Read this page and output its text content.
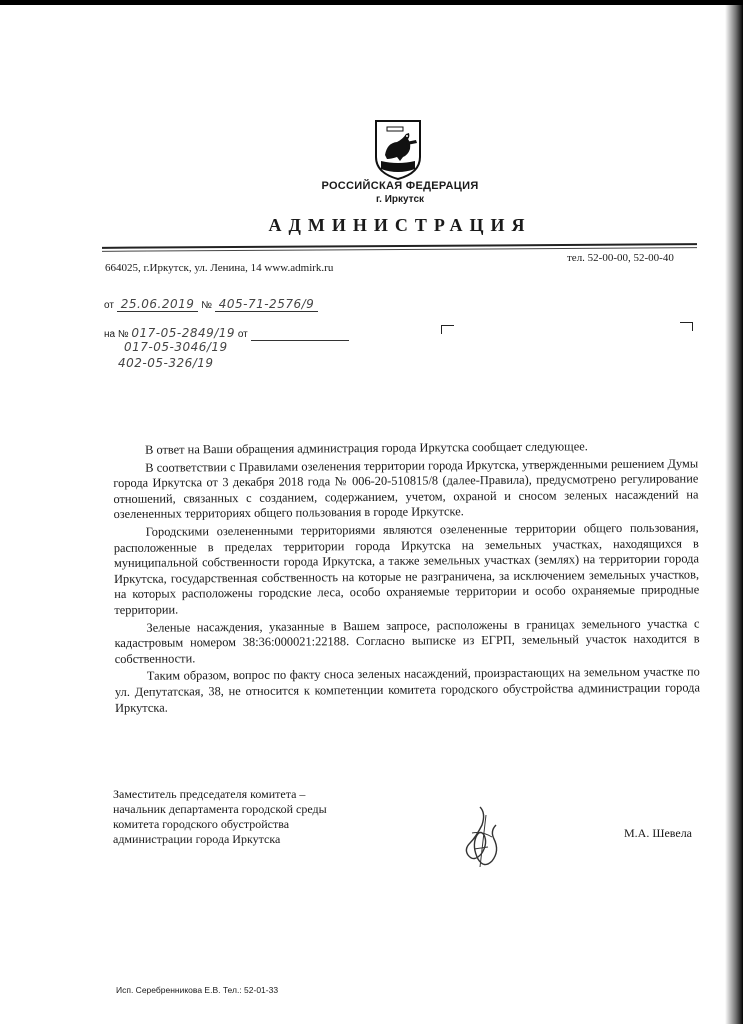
РОССИЙСКАЯ ФЕДЕРАЦИЯ
г. Иркутск
АДМИНИСТРАЦИЯ
664025, г.Иркутск, ул. Ленина, 14 www.admirk.ru
тел. 52-00-00, 52-00-40
от 25.06.2019 № 405-71-2576/9
на № 017-05-2849/19 от
017-05-3046/19
402-05-326/19

В ответ на Ваши обращения администрация города Иркутска сообщает следующее.

В соответствии с Правилами озеленения территории города Иркутска, утвержденными решением Думы города Иркутска от 3 декабря 2018 года № 006-20-510815/8 (далее-Правила), предусмотрено регулирование отношений, связанных с созданием, содержанием, учетом, охраной и сносом зеленых насаждений на озелененных территориях общего пользования в городе Иркутске.

Городскими озелененными территориями являются озелененные территории общего пользования, расположенные в пределах территории города Иркутска на земельных участках, находящихся в муниципальной собственности города Иркутска, а также земельных участках (землях) на территории города Иркутска, государственная собственность на которые не разграничена, за исключением земельных участков, на которых расположены городские леса, особо охраняемые территории и особо охраняемые природные территории.

Зеленые насаждения, указанные в Вашем запросе, расположены в границах земельного участка с кадастровым номером 38:36:000021:22188. Согласно выписке из ЕГРП, земельный участок находится в собственности.

Таким образом, вопрос по факту сноса зеленых насаждений, произрастающих на земельном участке по ул. Депутатская, 38, не относится к компетенции комитета городского обустройства администрации города Иркутска.

Заместитель председателя комитета –
начальник департамента городской среды
комитета городского обустройства
администрации города Иркутска	М.А. Шевела
Исп. Серебренникова Е.В. Тел.: 52-01-33
